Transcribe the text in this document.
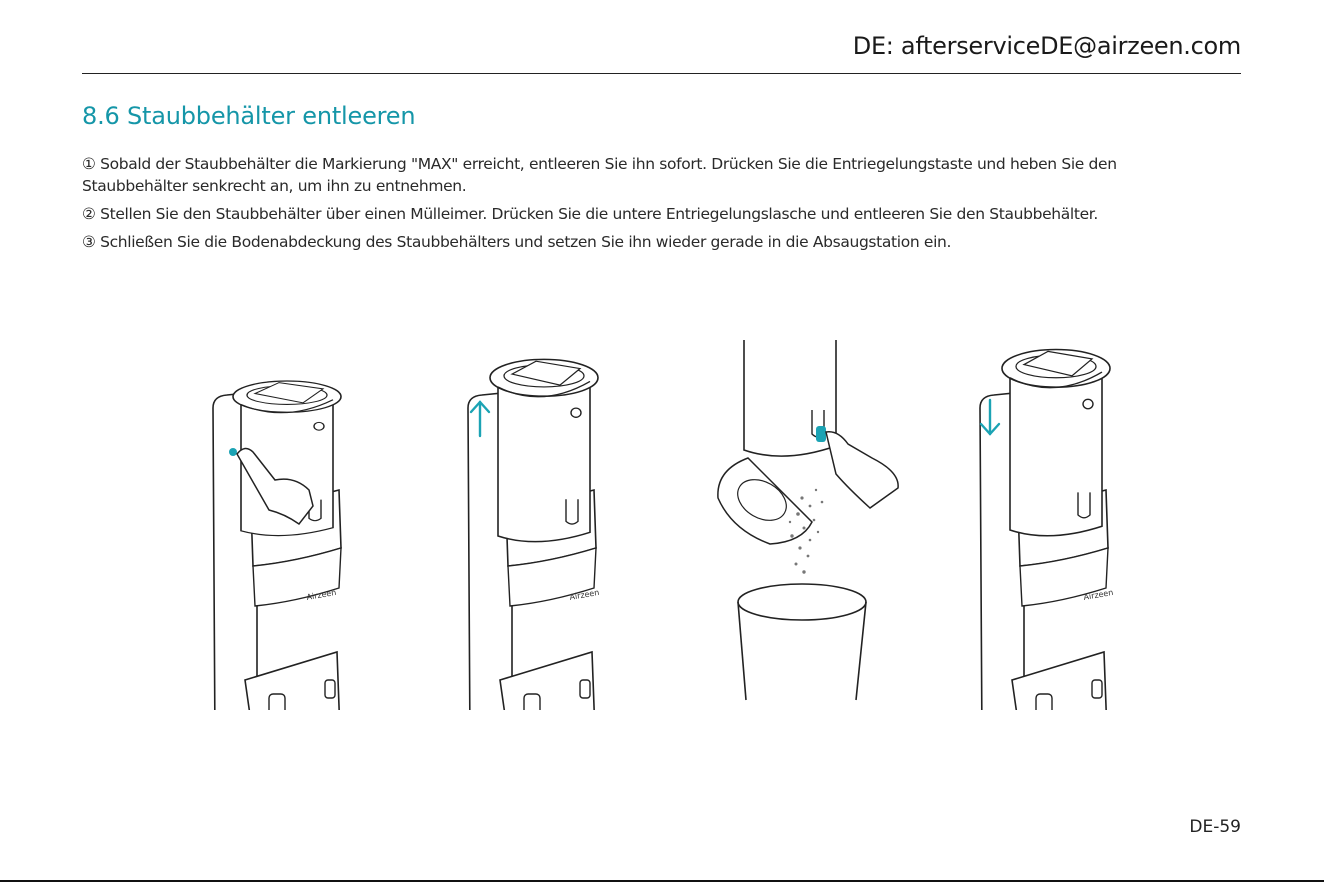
DE: afterserviceDE@airzeen.com
8.6 Staubbehälter entleeren

① Sobald der Staubbehälter die Markierung "MAX" erreicht, entleeren Sie ihn sofort. Drücken Sie die Entriegelungstaste und heben Sie den Staubbehälter senkrecht an, um ihn zu entnehmen.

② Stellen Sie den Staubbehälter über einen Mülleimer. Drücken Sie die untere Entriegelungslasche und entleeren Sie den Staubbehälter.

③ Schließen Sie die Bodenabdeckung des Staubbehälters und setzen Sie ihn wieder gerade in die Absaugstation ein.

Airzeen	Airzeen	Airzeen
DE-59
